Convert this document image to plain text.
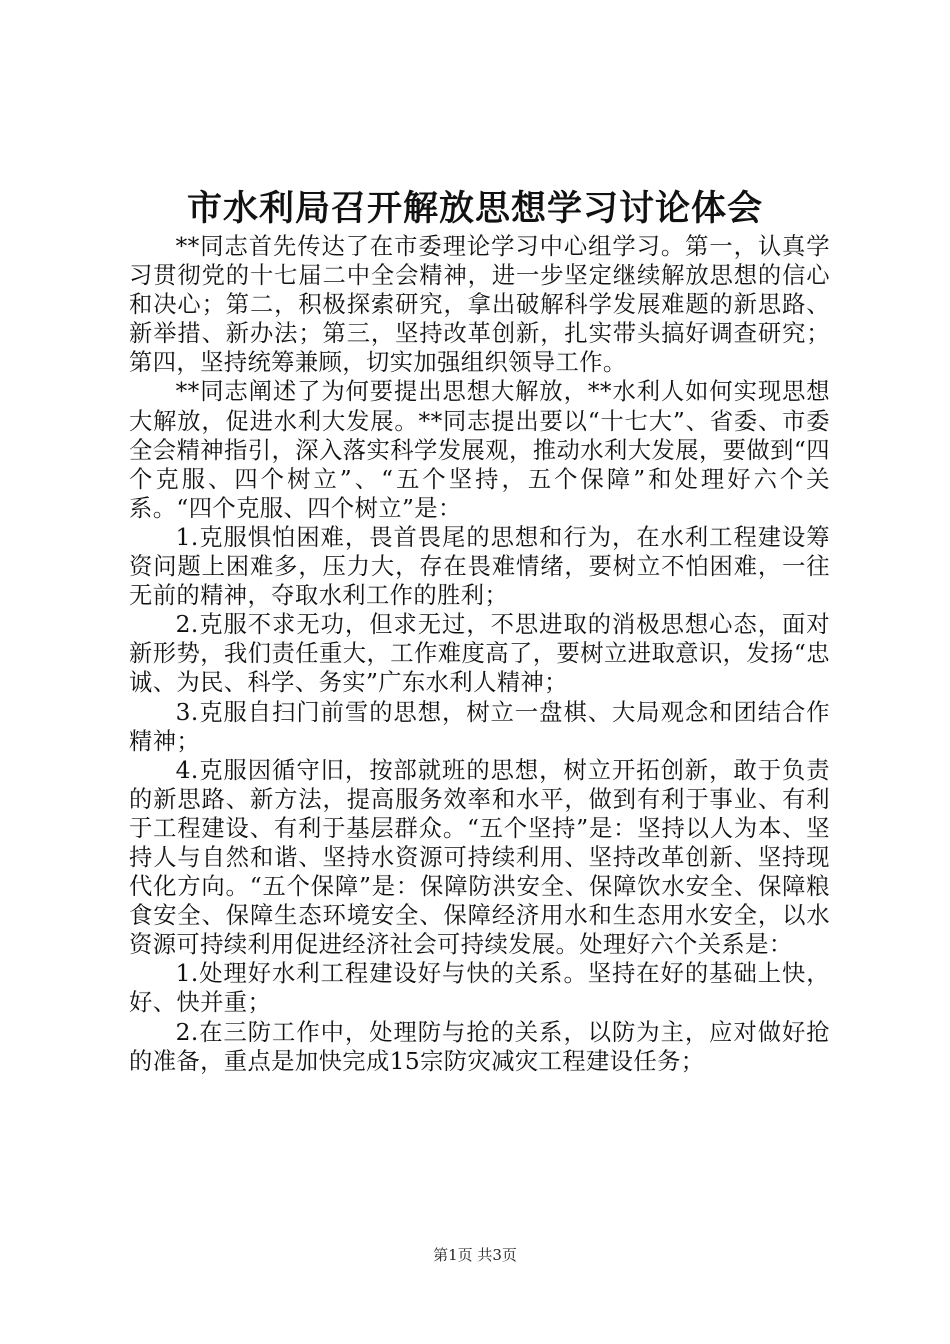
市水利局召开解放思想学习讨论体会

**同志首先传达了在市委理论学习中心组学习。第一，认真学习贯彻党的十七届二中全会精神，进一步坚定继续解放思想的信心和决心；第二，积极探索研究，拿出破解科学发展难题的新思路、新举措、新办法；第三，坚持改革创新，扎实带头搞好调查研究；第四，坚持统筹兼顾，切实加强组织领导工作。

**同志阐述了为何要提出思想大解放，**水利人如何实现思想大解放，促进水利大发展。**同志提出要以“十七大”、省委、市委全会精神指引，深入落实科学发展观，推动水利大发展，要做到“四个克服、四个树立”、“五个坚持，五个保障”和处理好六个关系。“四个克服、四个树立”是：

1.克服惧怕困难，畏首畏尾的思想和行为，在水利工程建设筹资问题上困难多，压力大，存在畏难情绪，要树立不怕困难，一往无前的精神，夺取水利工作的胜利；

2.克服不求无功，但求无过，不思进取的消极思想心态，面对新形势，我们责任重大，工作难度高了，要树立进取意识，发扬“忠诚、为民、科学、务实”广东水利人精神；

3.克服自扫门前雪的思想，树立一盘棋、大局观念和团结合作精神；

4.克服因循守旧，按部就班的思想，树立开拓创新，敢于负责的新思路、新方法，提高服务效率和水平，做到有利于事业、有利于工程建设、有利于基层群众。“五个坚持”是：坚持以人为本、坚持人与自然和谐、坚持水资源可持续利用、坚持改革创新、坚持现代化方向。“五个保障”是：保障防洪安全、保障饮水安全、保障粮食安全、保障生态环境安全、保障经济用水和生态用水安全，以水资源可持续利用促进经济社会可持续发展。处理好六个关系是：

1.处理好水利工程建设好与快的关系。坚持在好的基础上快，好、快并重；

2.在三防工作中，处理防与抢的关系，以防为主，应对做好抢的准备，重点是加快完成15宗防灾减灾工程建设任务；

第1页 共3页
